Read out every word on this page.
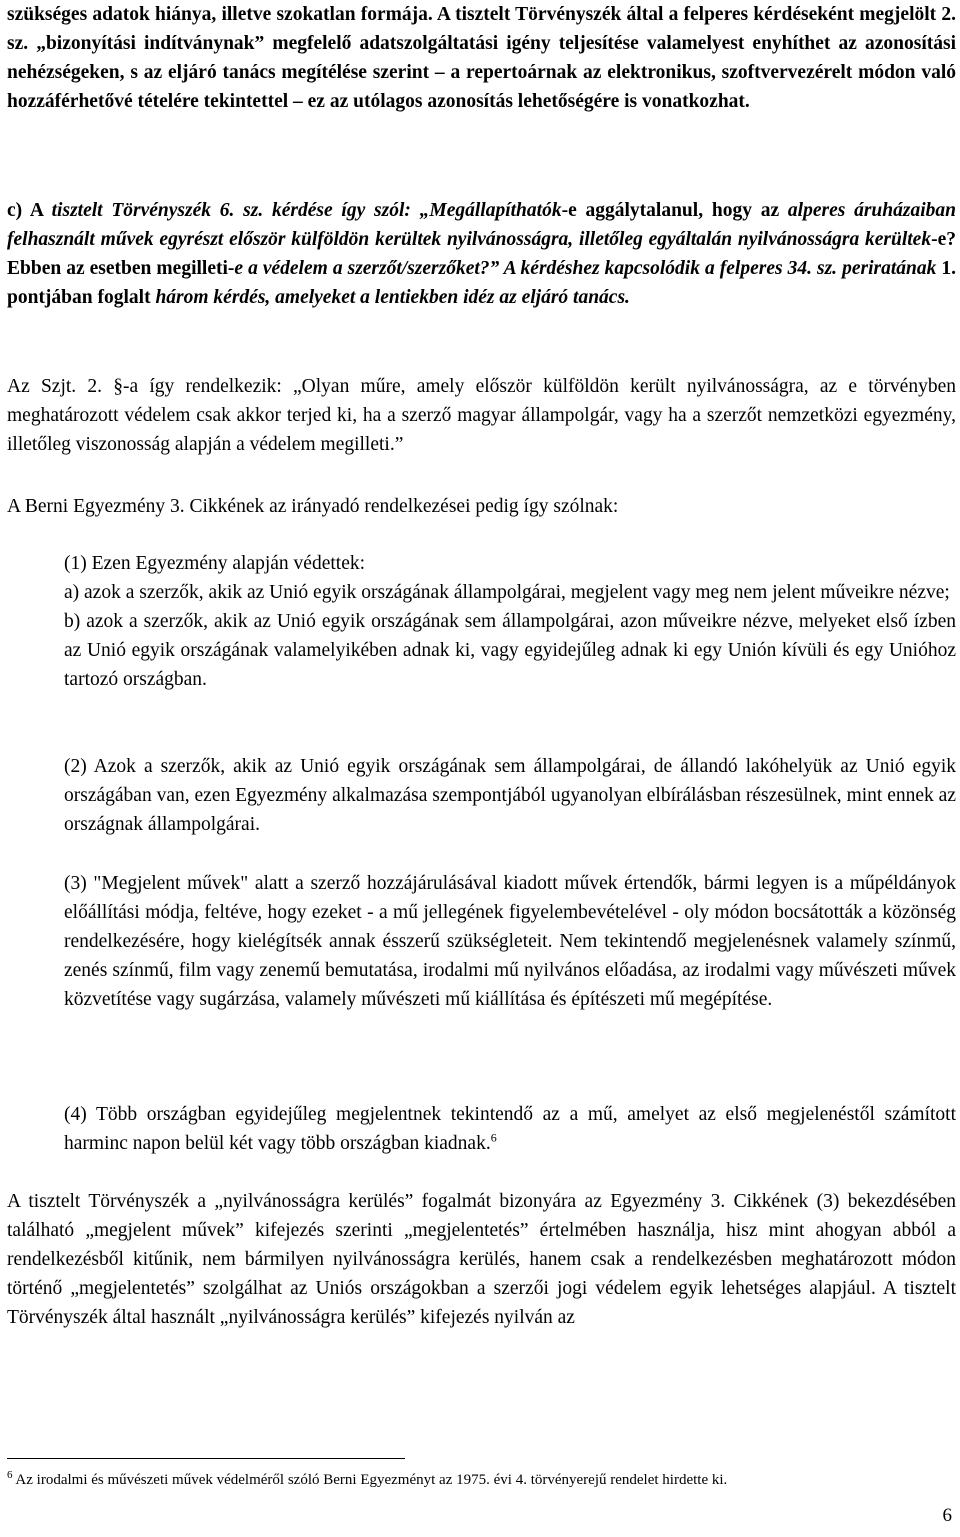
szükséges adatok hiánya, illetve szokatlan formája. A tisztelt Törvényszék által a felperes kérdéseként megjelölt 2. sz. „bizonyítási indítványnak” megfelelő adatszolgáltatási igény teljesítése valamelyest enyhíthet az azonosítási nehézségeken, s az eljáró tanács megítélése szerint – a repertoárnak az elektronikus, szoftvervezérelt módon való hozzáférhetővé tételére tekintettel – ez az utólagos azonosítás lehetőségére is vonatkozhat.

c) A tisztelt Törvényszék 6. sz. kérdése így szól: „Megállapíthatók-e aggálytalanul, hogy az alperes áruházaiban felhasznált művek egyrészt először külföldön kerültek nyilvánosságra, illetőleg egyáltalán nyilvánosságra kerültek-e? Ebben az esetben megilleti-e a védelem a szerzőt/szerzőket?” A kérdéshez kapcsolódik a felperes 34. sz. periratának 1. pontjában foglalt három kérdés, amelyeket a lentiekben idéz az eljáró tanács.

Az Szjt. 2. §-a így rendelkezik: „Olyan műre, amely először külföldön került nyilvánosságra, az e törvényben meghatározott védelem csak akkor terjed ki, ha a szerző magyar állampolgár, vagy ha a szerzőt nemzetközi egyezmény, illetőleg viszonosság alapján a védelem megilleti.”

A Berni Egyezmény 3. Cikkének az irányadó rendelkezései pedig így szólnak:

(1) Ezen Egyezmény alapján védettek:

a) azok a szerzők, akik az Unió egyik országának állampolgárai, megjelent vagy meg nem jelent műveikre nézve;

b) azok a szerzők, akik az Unió egyik országának sem állampolgárai, azon műveikre nézve, melyeket első ízben az Unió egyik országának valamelyikében adnak ki, vagy egyidejűleg adnak ki egy Unión kívüli és egy Unióhoz tartozó országban.

(2) Azok a szerzők, akik az Unió egyik országának sem állampolgárai, de állandó lakóhelyük az Unió egyik országában van, ezen Egyezmény alkalmazása szempontjából ugyanolyan elbírálásban részesülnek, mint ennek az országnak állampolgárai.

(3) "Megjelent művek" alatt a szerző hozzájárulásával kiadott művek értendők, bármi legyen is a műpéldányok előállítási módja, feltéve, hogy ezeket - a mű jellegének figyelembevételével - oly módon bocsátották a közönség rendelkezésére, hogy kielégítsék annak ésszerű szükségleteit. Nem tekintendő megjelenésnek valamely színmű, zenés színmű, film vagy zenemű bemutatása, irodalmi mű nyilvános előadása, az irodalmi vagy művészeti művek közvetítése vagy sugárzása, valamely művészeti mű kiállítása és építészeti mű megépítése.

(4) Több országban egyidejűleg megjelentnek tekintendő az a mű, amelyet az első megjelenéstől számított harminc napon belül két vagy több országban kiadnak.$^6$

A tisztelt Törvényszék a „nyilvánosságra kerülés” fogalmát bizonyára az Egyezmény 3. Cikkének (3) bekezdésében található „megjelent művek” kifejezés szerinti „megjelentetés” értelmében használja, hisz mint ahogyan abból a rendelkezésből kitűnik, nem bármilyen nyilvánosságra kerülés, hanem csak a rendelkezésben meghatározott módon történő „megjelentetés” szolgálhat az Uniós országokban a szerzői jogi védelem egyik lehetséges alapjául. A tisztelt Törvényszék által használt „nyilvánosságra kerülés” kifejezés nyilván az

$^6$ Az irodalmi és művészeti művek védelméről szóló Berni Egyezményt az 1975. évi 4. törvényerejű rendelet hirdette ki.
6
